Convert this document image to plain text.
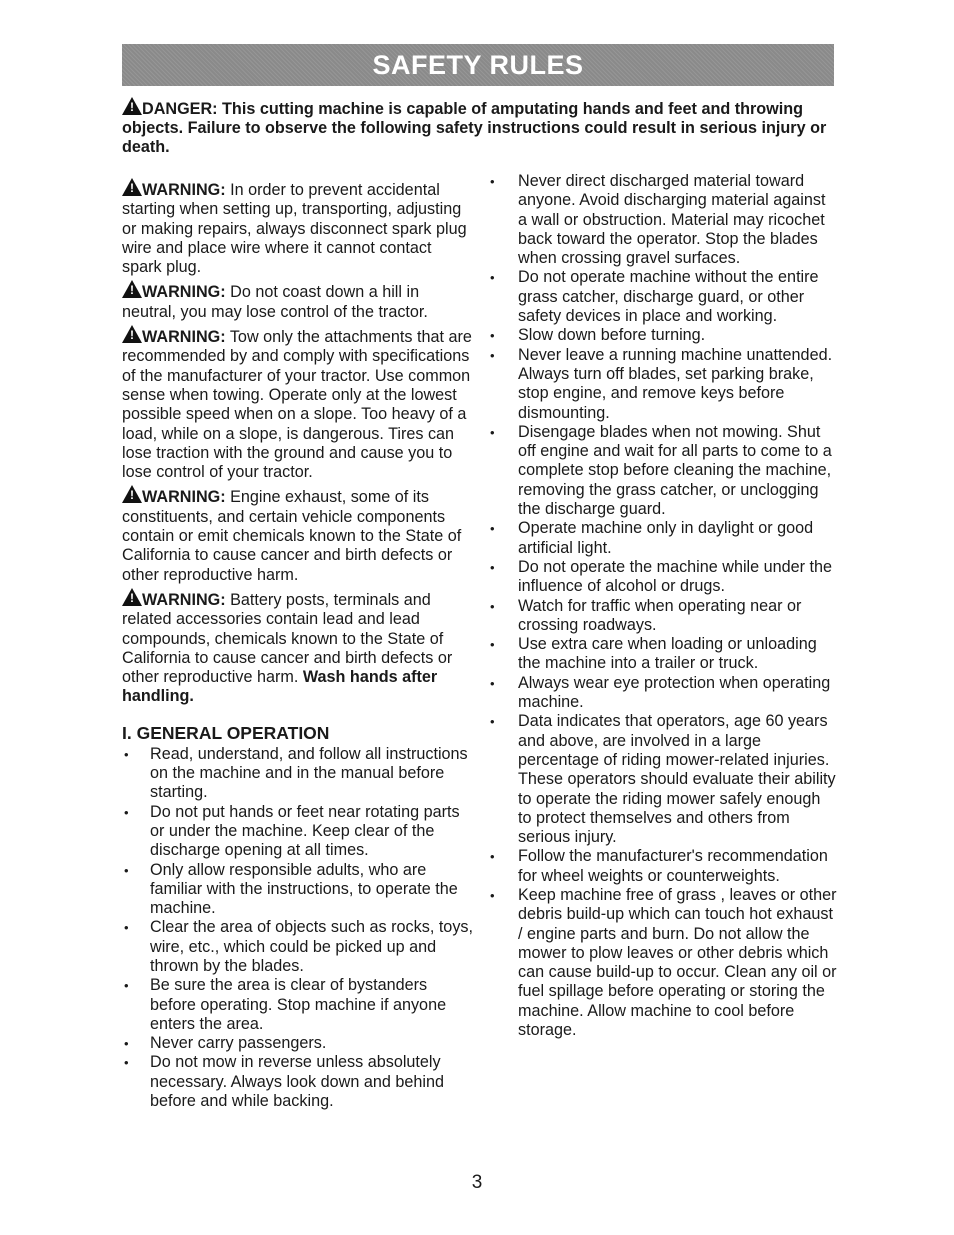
SAFETY RULES

!DANGER: This cutting machine is capable of amputating hands and feet and throwing objects. Failure to observe the following safety instructions could result in serious injury or death.

!WARNING: In order to prevent accidental starting when setting up, transporting, adjusting or making repairs, always disconnect spark plug wire and place wire where it cannot contact spark plug.

!WARNING: Do not coast down a hill in neutral, you may lose control of the tractor.

!WARNING: Tow only the attachments that are recommended by and comply with specifications of the manufacturer of your tractor. Use common sense when towing. Operate only at the lowest possible speed when on a slope. Too heavy of a load, while on a slope, is dangerous. Tires can lose traction with the ground and cause you to lose control of your tractor.

!WARNING: Engine exhaust, some of its constituents, and certain vehicle components contain or emit chemicals known to the State of California to cause cancer and birth defects or other reproductive harm.

!WARNING: Battery posts, terminals and related accessories contain lead and lead compounds, chemicals known to the State of California to cause cancer and birth defects or other reproductive harm. Wash hands after handling.

I. GENERAL OPERATION
• Read, understand, and follow all instructions on the machine and in the manual before starting.
• Do not put hands or feet near rotating parts or under the machine. Keep clear of the discharge opening at all times.
• Only allow responsible adults, who are familiar with the instructions, to operate the machine.
• Clear the area of objects such as rocks, toys, wire, etc., which could be picked up and thrown by the blades.
• Be sure the area is clear of bystanders before operating. Stop machine if anyone enters the area.
• Never carry passengers.
• Do not mow in reverse unless absolutely necessary. Always look down and behind before and while backing.
• Never direct discharged material toward anyone. Avoid discharging material against a wall or obstruction. Material may ricochet back toward the operator. Stop the blades when crossing gravel surfaces.
• Do not operate machine without the entire grass catcher, discharge guard, or other safety devices in place and working.
• Slow down before turning.
• Never leave a running machine unattended. Always turn off blades, set parking brake, stop engine, and remove keys before dismounting.
• Disengage blades when not mowing. Shut off engine and wait for all parts to come to a complete stop before cleaning the machine, removing the grass catcher, or unclogging the discharge guard.
• Operate machine only in daylight or good artificial light.
• Do not operate the machine while under the influence of alcohol or drugs.
• Watch for traffic when operating near or crossing roadways.
• Use extra care when loading or unloading the machine into a trailer or truck.
• Always wear eye protection when operating machine.
• Data indicates that operators, age 60 years and above, are involved in a large percentage of riding mower-related injuries. These operators should evaluate their ability to operate the riding mower safely enough to protect themselves and others from serious injury.
• Follow the manufacturer's recommendation for wheel weights or counterweights.
• Keep machine free of grass , leaves or other debris build-up which can touch hot exhaust / engine parts and burn. Do not allow the mower to plow leaves or other debris which can cause build-up to occur. Clean any oil or fuel spillage before operating or storing the machine. Allow machine to cool before storage.
3
